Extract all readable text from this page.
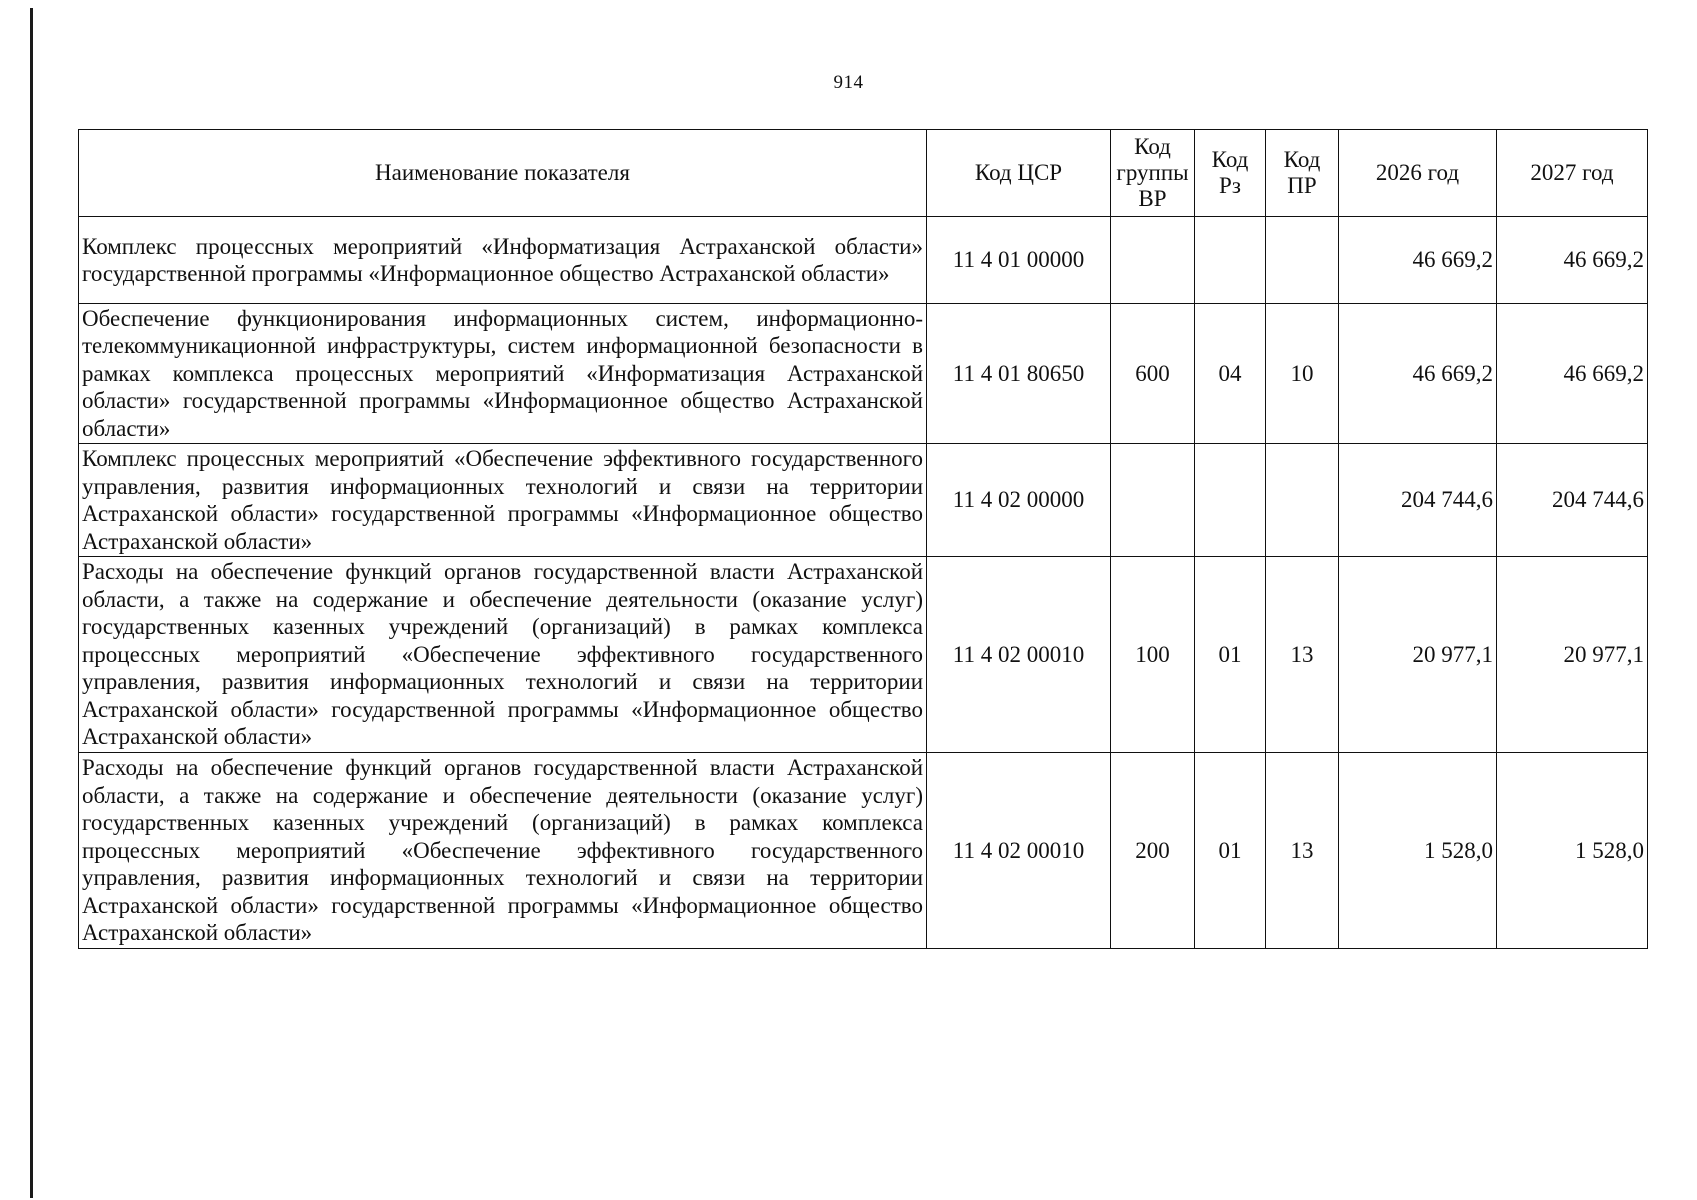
914
Наименование показателя	Код ЦСР	Код группы ВР	Код Рз	Код ПР	2026 год	2027 год
Комплекс процессных мероприятий «Информатизация Астраханской области» государственной программы «Информационное общество Астраханской области»	11 4 01 00000				46 669,2	46 669,2
Обеспечение функционирования информационных систем, информационно-телекоммуникационной инфраструктуры, систем информационной безопасности в рамках комплекса процессных мероприятий «Информатизация Астраханской области» государственной программы «Информационное общество Астраханской области»	11 4 01 80650	600	04	10	46 669,2	46 669,2
Комплекс процессных мероприятий «Обеспечение эффективного государственного управления, развития информационных технологий и связи на территории Астраханской области» государственной программы «Информационное общество Астраханской области»	11 4 02 00000				204 744,6	204 744,6
Расходы на обеспечение функций органов государственной власти Астраханской области, а также на содержание и обеспечение деятельности (оказание услуг) государственных казенных учреждений (организаций) в рамках комплекса процессных мероприятий «Обеспечение эффективного государственного управления, развития информационных технологий и связи на территории Астраханской области» государственной программы «Информационное общество Астраханской области»	11 4 02 00010	100	01	13	20 977,1	20 977,1
Расходы на обеспечение функций органов государственной власти Астраханской области, а также на содержание и обеспечение деятельности (оказание услуг) государственных казенных учреждений (организаций) в рамках комплекса процессных мероприятий «Обеспечение эффективного государственного управления, развития информационных технологий и связи на территории Астраханской области» государственной программы «Информационное общество Астраханской области»	11 4 02 00010	200	01	13	1 528,0	1 528,0
